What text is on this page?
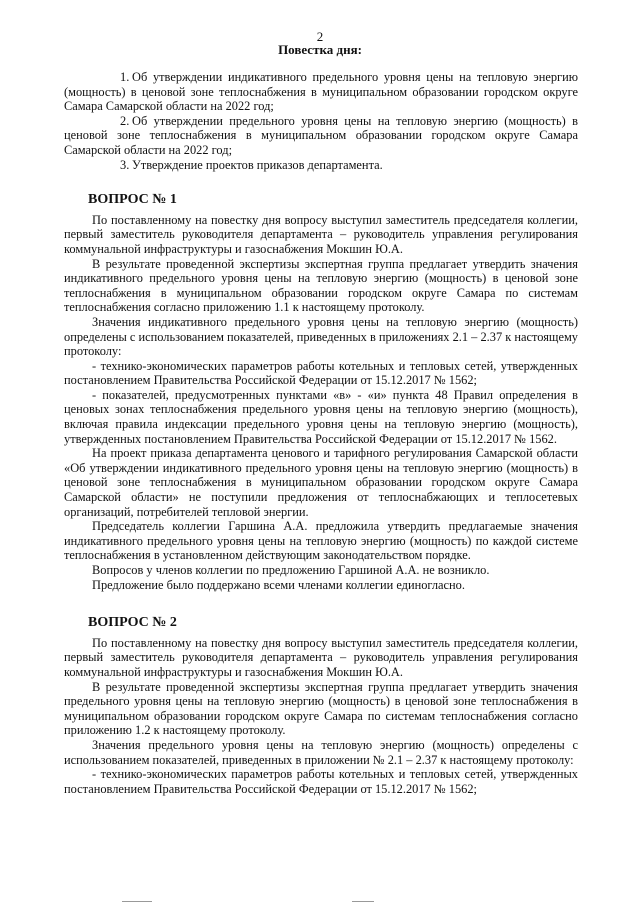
2
Повестка дня:

1. Об утверждении индикативного предельного уровня цены на тепловую энергию (мощность) в ценовой зоне теплоснабжения в муниципальном образовании городском округе Самара Самарской области на 2022 год;

2. Об утверждении предельного уровня цены на тепловую энергию (мощность) в ценовой зоне теплоснабжения в муниципальном образовании городском округе Самара Самарской области на 2022 год;

3. Утверждение проектов приказов департамента.

ВОПРОС № 1

По поставленному на повестку дня вопросу выступил заместитель председателя коллегии, первый заместитель руководителя департамента – руководитель управления регулирования коммунальной инфраструктуры и газоснабжения Мокшин Ю.А.

В результате проведенной экспертизы экспертная группа предлагает утвердить значения индикативного предельного уровня цены на тепловую энергию (мощность) в ценовой зоне теплоснабжения в муниципальном образовании городском округе Самара по системам теплоснабжения согласно приложению 1.1 к настоящему протоколу.

Значения индикативного предельного уровня цены на тепловую энергию (мощность) определены с использованием показателей, приведенных в приложениях 2.1 – 2.37 к настоящему протоколу:

- технико-экономических параметров работы котельных и тепловых сетей, утвержденных постановлением Правительства Российской Федерации от 15.12.2017 № 1562;

- показателей, предусмотренных пунктами «в» - «и» пункта 48 Правил определения в ценовых зонах теплоснабжения предельного уровня цены на тепловую энергию (мощность), включая правила индексации предельного уровня цены на тепловую энергию (мощность), утвержденных постановлением Правительства Российской Федерации от 15.12.2017 № 1562.

На проект приказа департамента ценового и тарифного регулирования Самарской области «Об утверждении индикативного предельного уровня цены на тепловую энергию (мощность) в ценовой зоне теплоснабжения в муниципальном образовании городском округе Самара Самарской области» не поступили предложения от теплоснабжающих и теплосетевых организаций, потребителей тепловой энергии.

Председатель коллегии Гаршина А.А. предложила утвердить предлагаемые значения индикативного предельного уровня цены на тепловую энергию (мощность) по каждой системе теплоснабжения в установленном действующим законодательством порядке.

Вопросов у членов коллегии по предложению Гаршиной А.А. не возникло.

Предложение было поддержано всеми членами коллегии единогласно.

ВОПРОС № 2

По поставленному на повестку дня вопросу выступил заместитель председателя коллегии, первый заместитель руководителя департамента – руководитель управления регулирования коммунальной инфраструктуры и газоснабжения Мокшин Ю.А.

В результате проведенной экспертизы экспертная группа предлагает утвердить значения предельного уровня цены на тепловую энергию (мощность) в ценовой зоне теплоснабжения в муниципальном образовании городском округе Самара по системам теплоснабжения согласно приложению 1.2 к настоящему протоколу.

Значения предельного уровня цены на тепловую энергию (мощность) определены с использованием показателей, приведенных в приложении № 2.1 – 2.37 к настоящему протоколу:

- технико-экономических параметров работы котельных и тепловых сетей, утвержденных постановлением Правительства Российской Федерации от 15.12.2017 № 1562;
